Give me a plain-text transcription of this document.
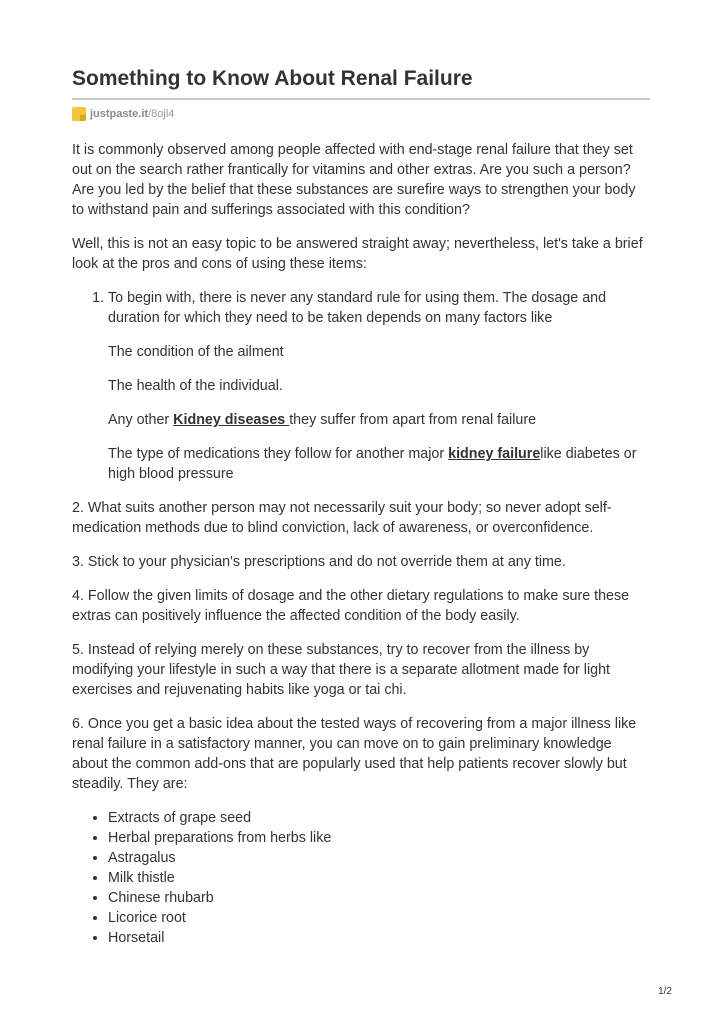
Something to Know About Renal Failure
justpaste.it /8ojl4

It is commonly observed among people affected with end-stage renal failure that they set out on the search rather frantically for vitamins and other extras. Are you such a person? Are you led by the belief that these substances are surefire ways to strengthen your body to withstand pain and sufferings associated with this condition?

Well, this is not an easy topic to be answered straight away; nevertheless, let's take a brief look at the pros and cons of using these items:

1. To begin with, there is never any standard rule for using them. The dosage and duration for which they need to be taken depends on many factors like

The condition of the ailment

The health of the individual.

Any other Kidney diseases they suffer from apart from renal failure

The type of medications they follow for another major kidney failurelike diabetes or high blood pressure

2. What suits another person may not necessarily suit your body; so never adopt self-medication methods due to blind conviction, lack of awareness, or overconfidence.

3. Stick to your physician's prescriptions and do not override them at any time.

4. Follow the given limits of dosage and the other dietary regulations to make sure these extras can positively influence the affected condition of the body easily.

5. Instead of relying merely on these substances, try to recover from the illness by modifying your lifestyle in such a way that there is a separate allotment made for light exercises and rejuvenating habits like yoga or tai chi.

6. Once you get a basic idea about the tested ways of recovering from a major illness like renal failure in a satisfactory manner, you can move on to gain preliminary knowledge about the common add-ons that are popularly used that help patients recover slowly but steadily. They are:

• Extracts of grape seed
• Herbal preparations from herbs like
• Astragalus
• Milk thistle
• Chinese rhubarb
• Licorice root
• Horsetail
1/2
